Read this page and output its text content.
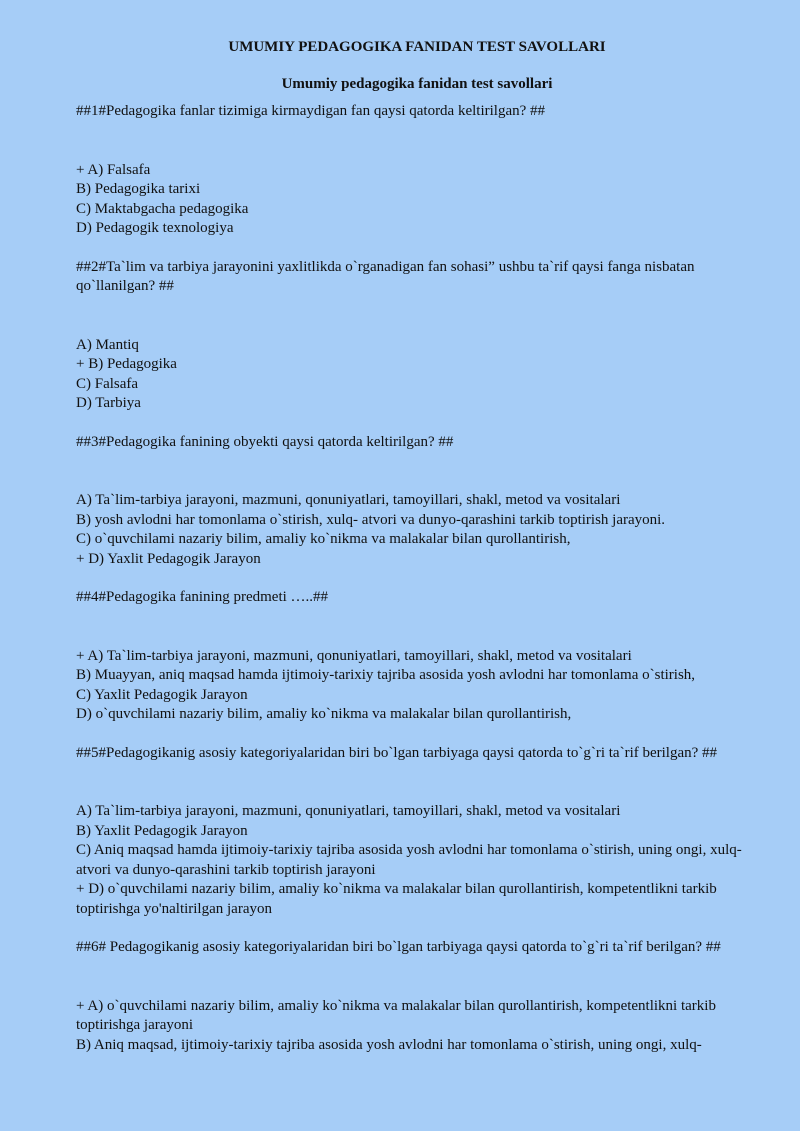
UMUMIY PEDAGOGIKA FANIDAN TEST SAVOLLARI
Umumiy pedagogika fanidan test savollari
##1#Pedagogika fanlar tizimiga kirmaydigan fan qaysi qatorda keltirilgan? ##
+ A) Falsafa
B) Pedagogika tarixi
C) Maktabgacha pedagogika
D) Pedagogik texnologiya
##2#Ta`lim va tarbiya jarayonini yaxlitlikda o`rganadigan fan sohasi” ushbu ta`rif qaysi fanga nisbatan qo`llanilgan? ##
A) Mantiq
+ B) Pedagogika
C) Falsafa
D) Tarbiya
##3#Pedagogika fanining obyekti qaysi qatorda keltirilgan? ##
A) Ta`lim-tarbiya jarayoni, mazmuni, qonuniyatlari, tamoyillari, shakl, metod va vositalari
B) yosh avlodni har tomonlama o`stirish, xulq- atvori va dunyo-qarashini tarkib toptirish jarayoni.
C) o`quvchilami nazariy bilim, amaliy ko`nikma va malakalar bilan qurollantirish,
+ D) Yaxlit Pedagogik Jarayon
##4#Pedagogika fanining predmeti …..##
+ A) Ta`lim-tarbiya jarayoni, mazmuni, qonuniyatlari, tamoyillari, shakl, metod va vositalari
B) Muayyan, aniq maqsad hamda ijtimoiy-tarixiy tajriba asosida yosh avlodni har tomonlama o`stirish,
C) Yaxlit Pedagogik Jarayon
D) o`quvchilami nazariy bilim, amaliy ko`nikma va malakalar bilan qurollantirish,
##5#Pedagogikanig asosiy kategoriyalaridan biri bo`lgan tarbiyaga qaysi qatorda to`g`ri ta`rif berilgan? ##
A) Ta`lim-tarbiya jarayoni, mazmuni, qonuniyatlari, tamoyillari, shakl, metod va vositalari
B) Yaxlit Pedagogik Jarayon
C) Aniq maqsad hamda ijtimoiy-tarixiy tajriba asosida yosh avlodni har tomonlama o`stirish, uning ongi, xulq- atvori va dunyo-qarashini tarkib toptirish jarayoni
+ D) o`quvchilami nazariy bilim, amaliy ko`nikma va malakalar bilan qurollantirish, kompetentlikni tarkib toptirishga yo'naltirilgan jarayon
##6# Pedagogikanig asosiy kategoriyalaridan biri bo`lgan tarbiyaga qaysi qatorda to`g`ri ta`rif berilgan? ##
+ A) o`quvchilami nazariy bilim, amaliy ko`nikma va malakalar bilan qurollantirish, kompetentlikni tarkib toptirishga jarayoni
B) Aniq maqsad, ijtimoiy-tarixiy tajriba asosida yosh avlodni har tomonlama o`stirish, uning ongi, xulq-
